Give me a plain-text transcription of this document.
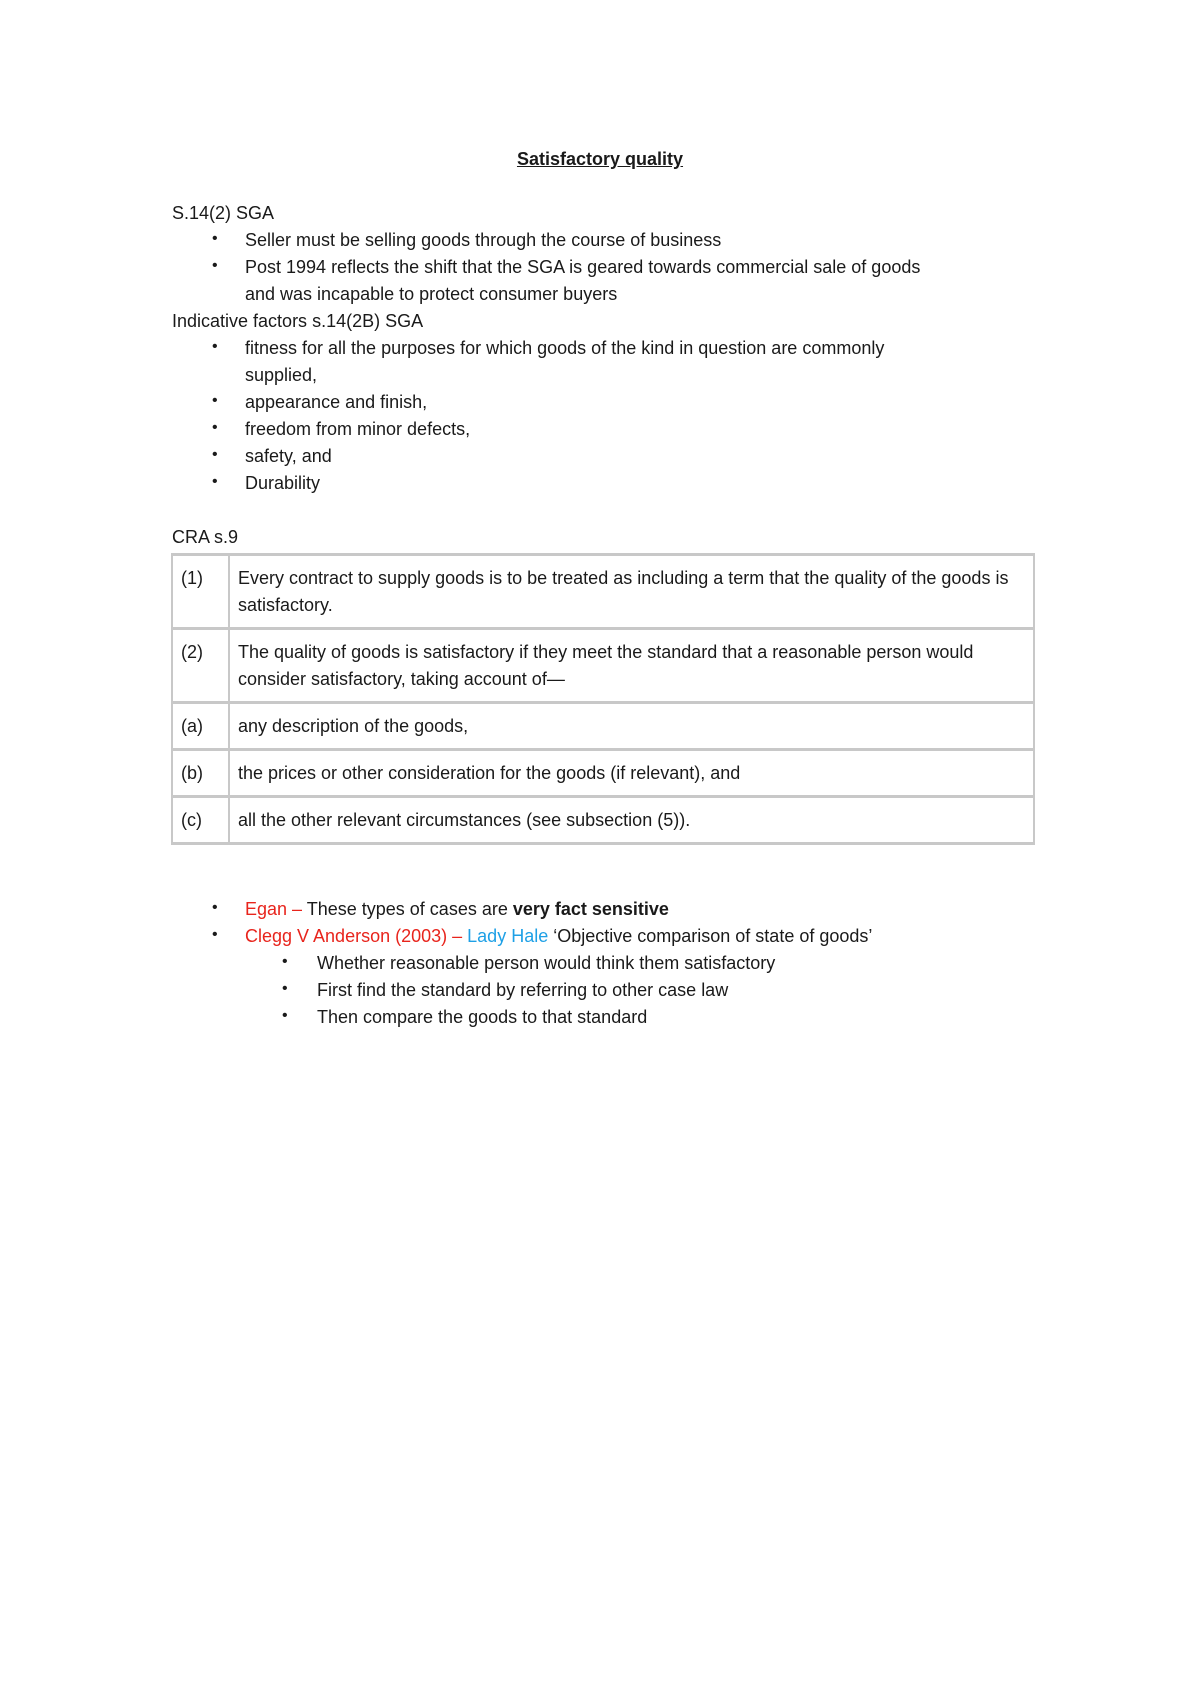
Satisfactory quality
S.14(2) SGA
• Seller must be selling goods through the course of business
• Post 1994 reflects the shift that the SGA is geared towards commercial sale of goods
and was incapable to protect consumer buyers
Indicative factors s.14(2B) SGA
• fitness for all the purposes for which goods of the kind in question are commonly
supplied,
• appearance and finish,
• freedom from minor defects,
• safety, and
• Durability
CRA s.9
(1)	Every contract to supply goods is to be treated as including a term that the quality of the goods is satisfactory.
(2)	The quality of goods is satisfactory if they meet the standard that a reasonable person would consider satisfactory, taking account of—
(a)	any description of the goods,
(b)	the prices or other consideration for the goods (if relevant), and
(c)	all the other relevant circumstances (see subsection (5)).
• Egan – These types of cases are very fact sensitive
• Clegg V Anderson (2003) – Lady Hale ‘Objective comparison of state of goods’
• Whether reasonable person would think them satisfactory
• First find the standard by referring to other case law
• Then compare the goods to that standard
